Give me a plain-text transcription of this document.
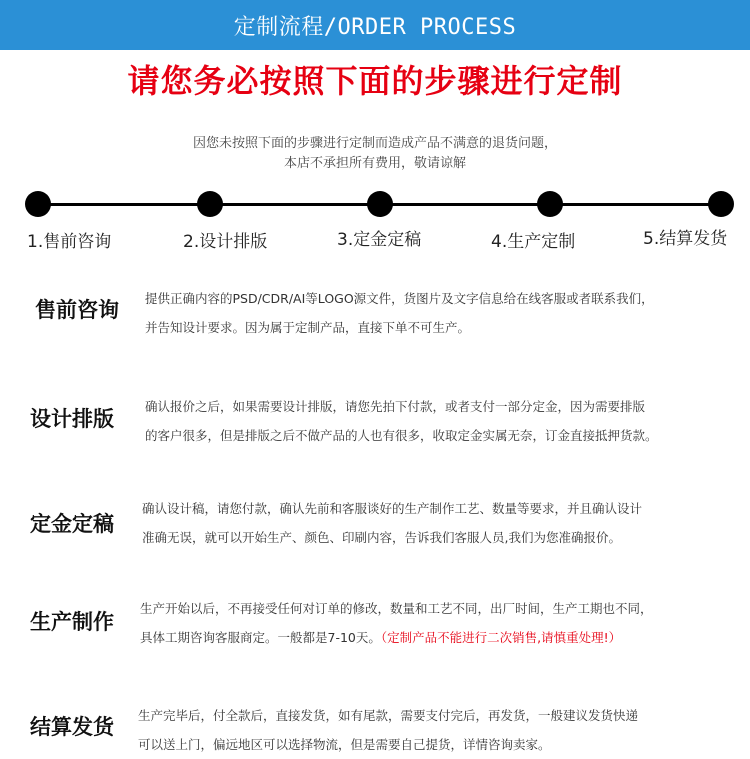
定制流程/ORDER PROCESS
请您务必按照下面的步骤进行定制
因您未按照下面的步骤进行定制而造成产品不满意的退货问题，
本店不承担所有费用，敬请谅解
1.售前咨询	2.设计排版	3.定金定稿	4.生产定制	5.结算发货
售前咨询 提供正确内容的PSD/CDR/AI等LOGO源文件，货图片及文字信息给在线客服或者联系我们，
并告知设计要求。因为属于定制产品，直接下单不可生产。
设计排版
确认报价之后，如果需要设计排版，请您先拍下付款，或者支付一部分定金，因为需要排版
的客户很多，但是排版之后不做产品的人也有很多，收取定金实属无奈，订金直接抵押货款。
定金定稿
确认设计稿，请您付款，确认先前和客服谈好的生产制作工艺、数量等要求，并且确认设计
准确无误，就可以开始生产、颜色、印刷内容，告诉我们客服人员,我们为您准确报价。
生产制作
生产开始以后，不再接受任何对订单的修改，数量和工艺不同，出厂时间，生产工期也不同，
具体工期咨询客服商定。一般都是7-10天。（定制产品不能进行二次销售,请慎重处理!）
结算发货 生产完毕后，付全款后，直接发货，如有尾款，需要支付完后，再发货，一般建议发货快递
可以送上门，偏远地区可以选择物流，但是需要自己提货，详情咨询卖家。
